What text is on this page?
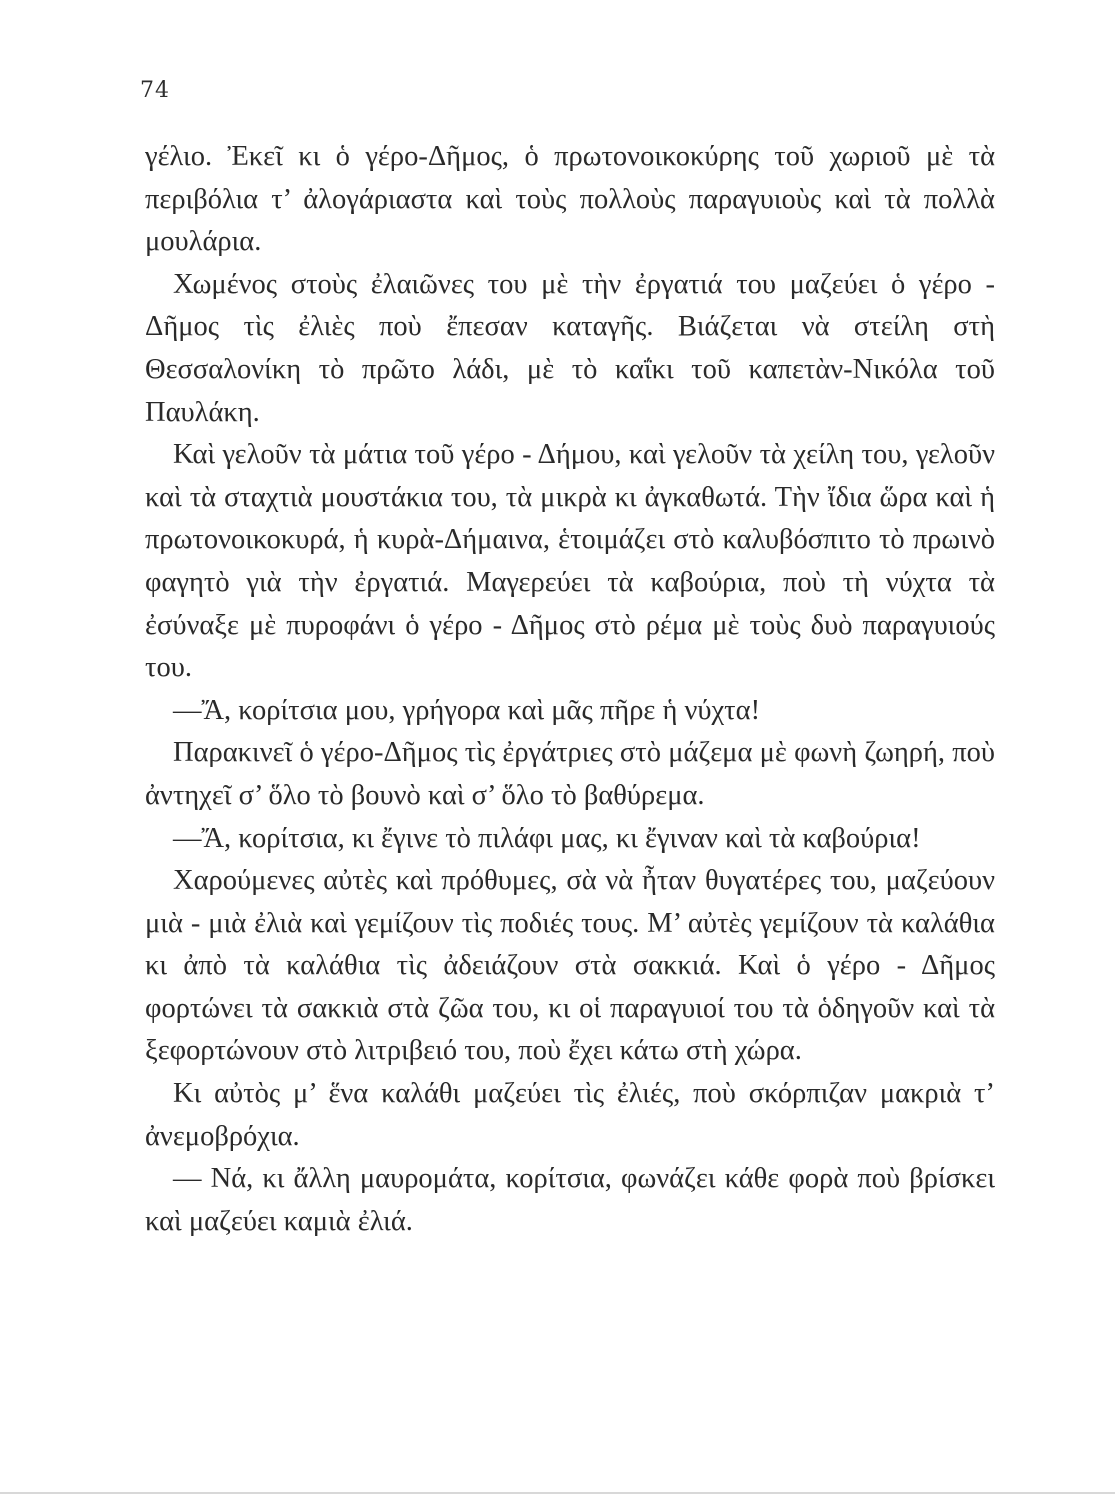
74

γέλιο. Ἐκεῖ κι ὁ γέρο-Δῆμος, ὁ πρωτονοικοκύρης τοῦ χωριοῦ μὲ τὰ περιβόλια τ’ ἀλογάριαστα καὶ τοὺς πολλοὺς παραγυιοὺς καὶ τὰ πολλὰ μουλάρια.

Χωμένος στοὺς ἐλαιῶνες του μὲ τὴν ἐργατιά του μαζεύει ὁ γέρο - Δῆμος τὶς ἐλιὲς ποὺ ἔπεσαν καταγῆς. Βιάζεται νὰ στείλη στὴ Θεσσαλονίκη τὸ πρῶτο λάδι, μὲ τὸ καΐκι τοῦ καπετὰν-Νικόλα τοῦ Παυλάκη.

Καὶ γελοῦν τὰ μάτια τοῦ γέρο - Δήμου, καὶ γελοῦν τὰ χείλη του, γελοῦν καὶ τὰ σταχτιὰ μουστάκια του, τὰ μικρὰ κι ἀγκαθωτά. Τὴν ἴδια ὥρα καὶ ἡ πρωτονοικοκυρά, ἡ κυρὰ-Δήμαινα, ἑτοιμάζει στὸ καλυβόσπιτο τὸ πρωινὸ φαγητὸ γιὰ τὴν ἐργατιά. Μαγερεύει τὰ καβούρια, ποὺ τὴ νύχτα τὰ ἐσύναξε μὲ πυροφάνι ὁ γέρο - Δῆμος στὸ ρέμα μὲ τοὺς δυὸ παραγυιούς του.

—Ἄ, κορίτσια μου, γρήγορα καὶ μᾶς πῆρε ἡ νύχτα!

Παρακινεῖ ὁ γέρο-Δῆμος τὶς ἐργάτριες στὸ μάζεμα μὲ φωνὴ ζωηρή, ποὺ ἀντηχεῖ σ’ ὅλο τὸ βουνὸ καὶ σ’ ὅλο τὸ βαθύρεμα.

—Ἄ, κορίτσια, κι ἔγινε τὸ πιλάφι μας, κι ἔγιναν καὶ τὰ καβούρια!

Χαρούμενες αὐτὲς καὶ πρόθυμες, σὰ νὰ ἦταν θυγατέρες του, μαζεύουν μιὰ - μιὰ ἐλιὰ καὶ γεμίζουν τὶς ποδιές τους. Μ’ αὐτὲς γεμίζουν τὰ καλάθια κι ἀπὸ τὰ καλάθια τὶς ἀδειάζουν στὰ σακκιά. Καὶ ὁ γέρο - Δῆμος φορτώνει τὰ σακκιὰ στὰ ζῶα του, κι οἱ παραγυιοί του τὰ ὁδηγοῦν καὶ τὰ ξεφορτώνουν στὸ λιτριβειό του, ποὺ ἔχει κάτω στὴ χώρα.

Κι αὐτὸς μ’ ἕνα καλάθι μαζεύει τὶς ἐλιές, ποὺ σκόρπιζαν μακριὰ τ’ ἀνεμοβρόχια.

— Νά, κι ἄλλη μαυρομάτα, κορίτσια, φωνάζει κάθε φορὰ ποὺ βρίσκει καὶ μαζεύει καμιὰ ἐλιά.
